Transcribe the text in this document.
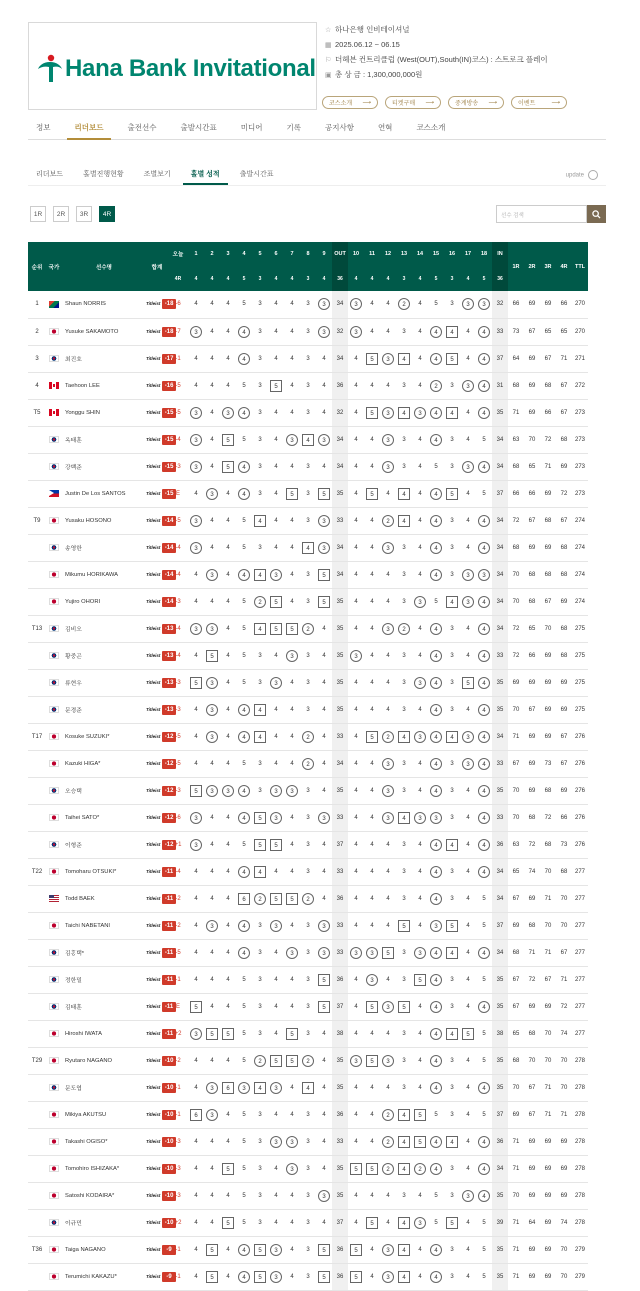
Hana Bank Invitational
☆ 하나은행 인비테이셔널
▦ 2025.06.12 ~ 06.15
⚐ 더헤븐 컨트리클럽 (West(OUT),South(IN)코스) : 스트로크 플레이
▣ 총 상 금 : 1,300,000,000원
코스소개 ⟶	티켓구매 ⟶	중계방송 ⟶	이벤트	⟶
정보	리더보드	출전선수	출발시간표	미디어	기록	공지사항	연혁	코스소개
리더보드	홀별진행현황	조별보기	홀별 성적	출발시간표	update
1R	2R	3R	4R	선수 검색
순위	국가	선수명	합계	오늘	1	2	3	4	5	6	7	8	9	OUT	10	11	12	13	14	15	16	17	18	IN	1R	2R	3R	4R	TTL
				4R	4	4	4	5	3	4	4	3	4	36	4	4	4	3	4	5	3	4	5	36					
1		Shaun NORRIS	Titleist -18	-6	4	4	4	5	3	4	4	3	3	34	3	4	4	2	4	5	3	3	3	32	66	69	69	66	270
2		Yusuke SAKAMOTO	Titleist -18	-7	3	4	4	4	3	4	4	3	3	32	3	4	4	3	4	4	4	4	4	33	73	67	65	65	270
3		최진호	Titleist -17	-1	4	4	4	4	3	4	4	3	4	34	4	5	3	4	4	4	5	4	4	37	64	69	67	71	271
4		Taehoon LEE	Titleist -16	-5	4	4	4	5	3	5	4	3	4	36	4	4	4	3	4	2	3	3	4	31	68	69	68	67	272
T5		Yonggu SHIN	Titleist -15	-5	3	4	3	4	3	4	4	3	4	32	4	5	3	4	3	4	4	4	4	35	71	69	66	67	273
		옥태훈	Titleist -15	-4	3	4	5	5	3	4	3	4	3	34	4	4	3	3	4	4	3	4	5	34	63	70	72	68	273
		강백준	Titleist -15	-3	3	4	5	4	3	4	4	3	4	34	4	4	3	3	4	5	3	3	4	34	68	65	71	69	273
		Justin De Los SANTOS	Titleist -15	E	4	3	4	4	3	4	5	3	5	35	4	5	4	4	4	4	5	4	5	37	66	66	69	72	273
T9		Yusaku HOSONO	Titleist -14	-5	3	4	4	5	4	4	4	3	3	33	4	4	2	4	4	4	3	4	4	34	72	67	68	67	274
		송영한	Titleist -14	-4	3	4	4	5	3	4	4	4	3	34	4	4	3	3	4	4	3	4	4	34	68	69	69	68	274
		Mikumu HORIKAWA	Titleist -14	-4	4	3	4	4	4	3	4	3	5	34	4	4	4	3	4	4	3	3	3	34	70	68	68	68	274
		Yujiro OHORI	Titleist -14	-3	4	4	4	5	2	5	4	3	5	35	4	4	4	3	3	5	4	3	4	34	70	68	67	69	274
T13		김비오	Titleist -13	-4	3	3	4	5	4	5	5	2	4	35	4	4	3	2	4	4	3	4	4	34	72	65	70	68	275
		황중곤	Titleist -13	-4	4	5	4	5	3	4	3	3	4	35	3	4	4	3	4	4	3	4	4	33	72	66	69	68	275
		류현우	Titleist -13	-3	5	3	4	5	3	3	4	3	4	35	4	4	4	3	3	4	3	5	4	35	69	69	69	69	275
		문경준	Titleist -13	-3	4	3	4	4	4	4	4	3	4	35	4	4	4	3	4	4	3	4	4	35	70	67	69	69	275
T17		Kosuke SUZUKI*	Titleist -12	-5	4	3	4	4	4	4	4	2	4	33	4	5	2	4	3	4	4	3	4	34	71	69	69	67	276
		Kazuki HIGA*	Titleist -12	-5	4	4	4	5	3	4	4	2	4	34	4	4	3	3	4	4	3	3	4	33	67	69	73	67	276
		오승택	Titleist -12	-3	5	3	3	4	3	3	3	3	4	35	4	4	3	3	4	4	3	4	4	35	70	69	68	69	276
		Taihei SATO*	Titleist -12	-6	3	4	4	4	5	3	4	3	3	33	4	4	3	4	3	3	3	4	4	33	70	68	72	66	276
		이형준	Titleist -12	+1	3	4	4	5	5	5	4	3	4	37	4	4	4	3	4	4	4	4	4	36	63	72	68	73	276
T22		Tomoharu OTSUKI*	Titleist -11	-4	4	4	4	4	4	4	4	3	4	33	4	4	4	3	4	4	3	4	4	34	65	74	70	68	277
		Todd BAEK	Titleist -11	-2	4	4	4	6	2	5	5	2	4	36	4	4	4	3	4	4	3	4	5	34	67	69	71	70	277
		Taichi NABETANI	Titleist -11	-2	4	3	4	4	3	3	4	3	3	33	4	4	4	5	4	3	5	4	5	37	69	68	70	70	277
		김홍택*	Titleist -11	-5	4	4	4	4	3	4	3	3	3	33	3	3	5	3	3	4	4	4	4	34	68	71	71	67	277
		정한밀	Titleist -11	-1	4	4	4	5	3	4	4	3	5	36	4	3	4	3	5	4	3	4	5	35	67	72	67	71	277
		김태훈	Titleist -11	E	5	4	4	5	3	4	4	3	5	37	4	5	3	5	4	4	3	4	4	35	67	69	69	72	277
		Hiroshi IWATA	Titleist -11	+2	3	5	5	5	3	4	5	3	4	38	4	4	4	3	4	4	4	5	5	38	65	68	70	74	277
T29		Ryutaro NAGANO	Titleist -10	-2	4	4	4	5	2	5	5	2	4	35	3	5	3	3	4	4	3	4	5	35	68	70	70	70	278
		문도엽	Titleist -10	-1	4	3	6	3	4	3	4	4	4	35	4	4	4	3	4	4	3	4	4	35	70	67	71	70	278
		Mikiya AKUTSU	Titleist -10	-1	6	3	4	5	3	4	4	3	4	36	4	4	2	4	5	5	3	4	5	37	69	67	71	71	278
		Takashi OGISO*	Titleist -10	-3	4	4	4	5	3	3	3	3	4	33	4	4	2	4	5	4	4	4	4	36	71	69	69	69	278
		Tomohiro ISHIZAKA*	Titleist -10	-3	4	4	5	5	3	4	3	3	4	35	5	5	2	4	2	4	3	4	4	34	71	69	69	69	278
		Satoshi KODAIRA*	Titleist -10	-3	4	4	4	5	3	4	4	3	3	35	4	4	4	3	4	5	3	3	4	35	70	69	69	69	278
		이규민	Titleist -10	+2	4	4	5	5	3	4	4	3	4	37	4	5	4	4	3	5	5	4	5	39	71	64	69	74	278
T36		Taiga NAGANO	Titleist -9	-1	4	5	4	4	5	3	4	3	5	36	5	4	3	4	4	4	3	4	5	35	71	69	69	70	279
		Terumichi KAKAZU*	Titleist -9	-1	4	5	4	4	5	3	4	3	5	36	5	4	3	4	4	4	3	4	5	35	71	69	69	70	279
